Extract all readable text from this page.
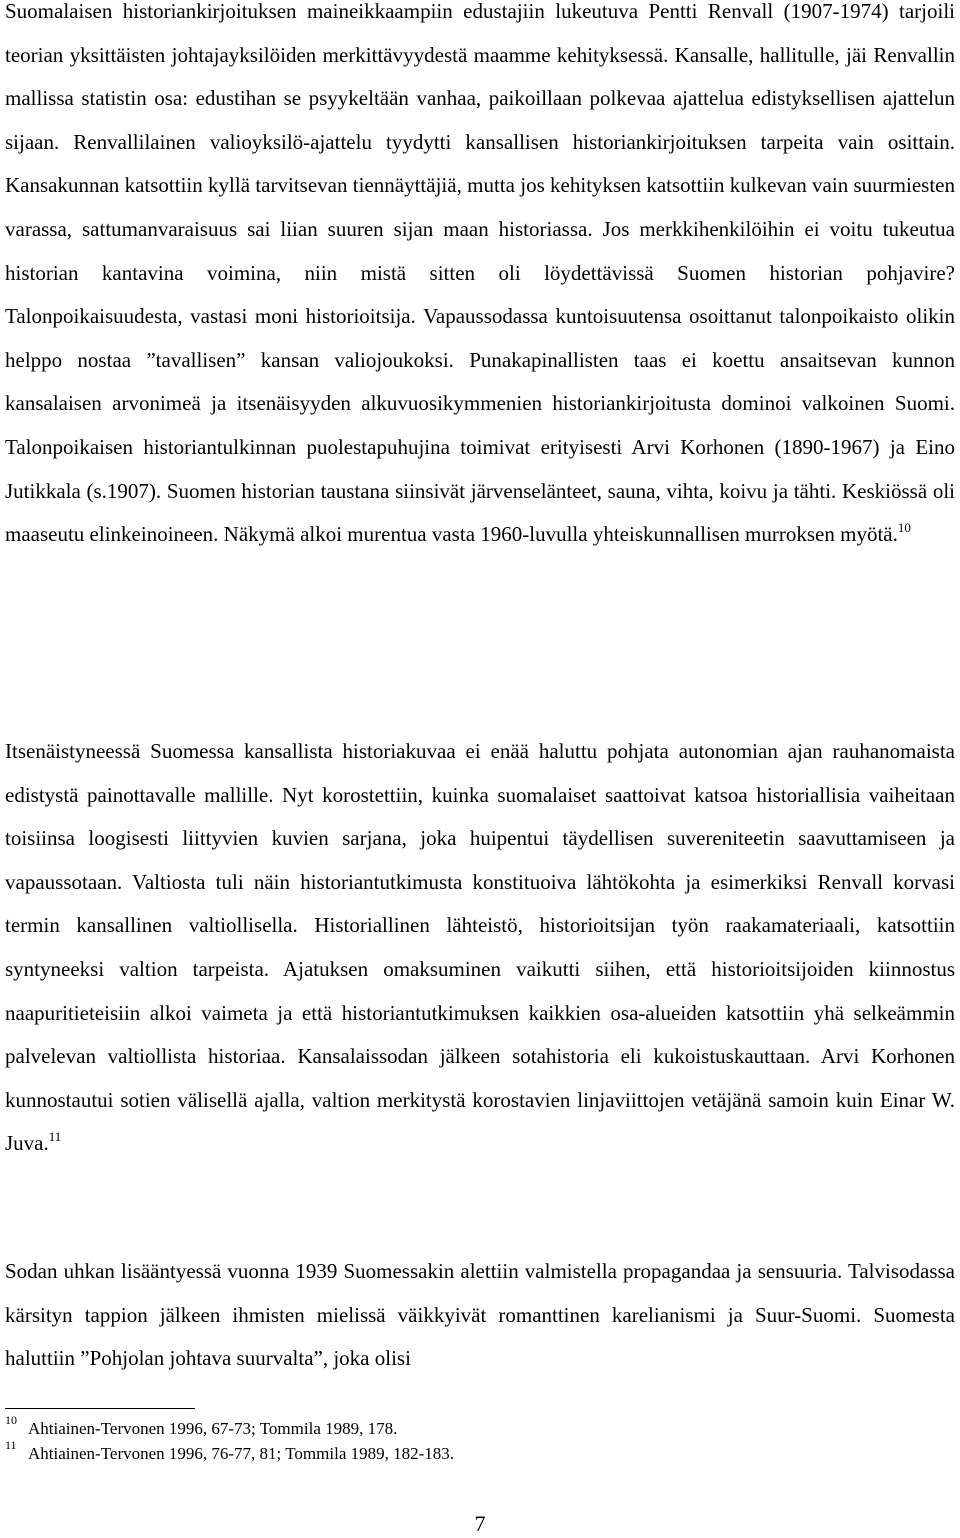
Suomalaisen historiankirjoituksen maineikkaampiin edustajiin lukeutuva Pentti Renvall (1907-1974) tarjoili teorian yksittäisten johtajayksilöiden merkittävyydestä maamme kehityksessä. Kansalle, hallitulle, jäi Renvallin mallissa statistin osa: edustihan se psyykeltään vanhaa, paikoillaan polkevaa ajattelua edistyksellisen ajattelun sijaan. Renvallilainen valioyksilö-ajattelu tyydytti kansallisen historiankirjoituksen tarpeita vain osittain. Kansakunnan katsottiin kyllä tarvitsevan tiennäyttäjiä, mutta jos kehityksen katsottiin kulkevan vain suurmiesten varassa, sattumanvaraisuus sai liian suuren sijan maan historiassa. Jos merkkihenkilöihin ei voitu tukeutua historian kantavina voimina, niin mistä sitten oli löydettävissä Suomen historian pohjavire? Talonpoikaisuudesta, vastasi moni historioitsija. Vapaussodassa kuntoisuutensa osoittanut talonpoikaisto olikin helppo nostaa ”tavallisen” kansan valiojoukoksi. Punakapinallisten taas ei koettu ansaitsevan kunnon kansalaisen arvonimeä ja itsenäisyyden alkuvuosikymmenien historiankirjoitusta dominoi valkoinen Suomi. Talonpoikaisen historiantulkinnan puolestapuhujina toimivat erityisesti Arvi Korhonen (1890-1967) ja Eino Jutikkala (s.1907). Suomen historian taustana siinsivät järvenselänteet, sauna, vihta, koivu ja tähti. Keskiössä oli maaseutu elinkeinoineen. Näkymä alkoi murentua vasta 1960-luvulla yhteiskunnallisen murroksen myötä.$^{10}$

Itsenäistyneessä Suomessa kansallista historiakuvaa ei enää haluttu pohjata autonomian ajan rauhanomaista edistystä painottavalle mallille. Nyt korostettiin, kuinka suomalaiset saattoivat katsoa historiallisia vaiheitaan toisiinsa loogisesti liittyvien kuvien sarjana, joka huipentui täydellisen suvereniteetin saavuttamiseen ja vapaussotaan. Valtiosta tuli näin historiantutkimusta konstituoiva lähtökohta ja esimerkiksi Renvall korvasi termin kansallinen valtiollisella. Historiallinen lähteistö, historioitsijan työn raakamateriaali, katsottiin syntyneeksi valtion tarpeista. Ajatuksen omaksuminen vaikutti siihen, että historioitsijoiden kiinnostus naapuritieteisiin alkoi vaimeta ja että historiantutkimuksen kaikkien osa-alueiden katsottiin yhä selkeämmin palvelevan valtiollista historiaa. Kansalaissodan jälkeen sotahistoria eli kukoistuskauttaan. Arvi Korhonen kunnostautui sotien välisellä ajalla, valtion merkitystä korostavien linjaviittojen vetäjänä samoin kuin Einar W. Juva.$^{11}$

Sodan uhkan lisääntyessä vuonna 1939 Suomessakin alettiin valmistella propagandaa ja sensuuria. Talvisodassa kärsityn tappion jälkeen ihmisten mielissä väikkyivät romanttinen karelianismi ja Suur-Suomi. Suomesta haluttiin ”Pohjolan johtava suurvalta”, joka olisi

10 Ahtiainen-Tervonen 1996, 67-73; Tommila 1989, 178.

11 Ahtiainen-Tervonen 1996, 76-77, 81; Tommila 1989, 182-183.

7
